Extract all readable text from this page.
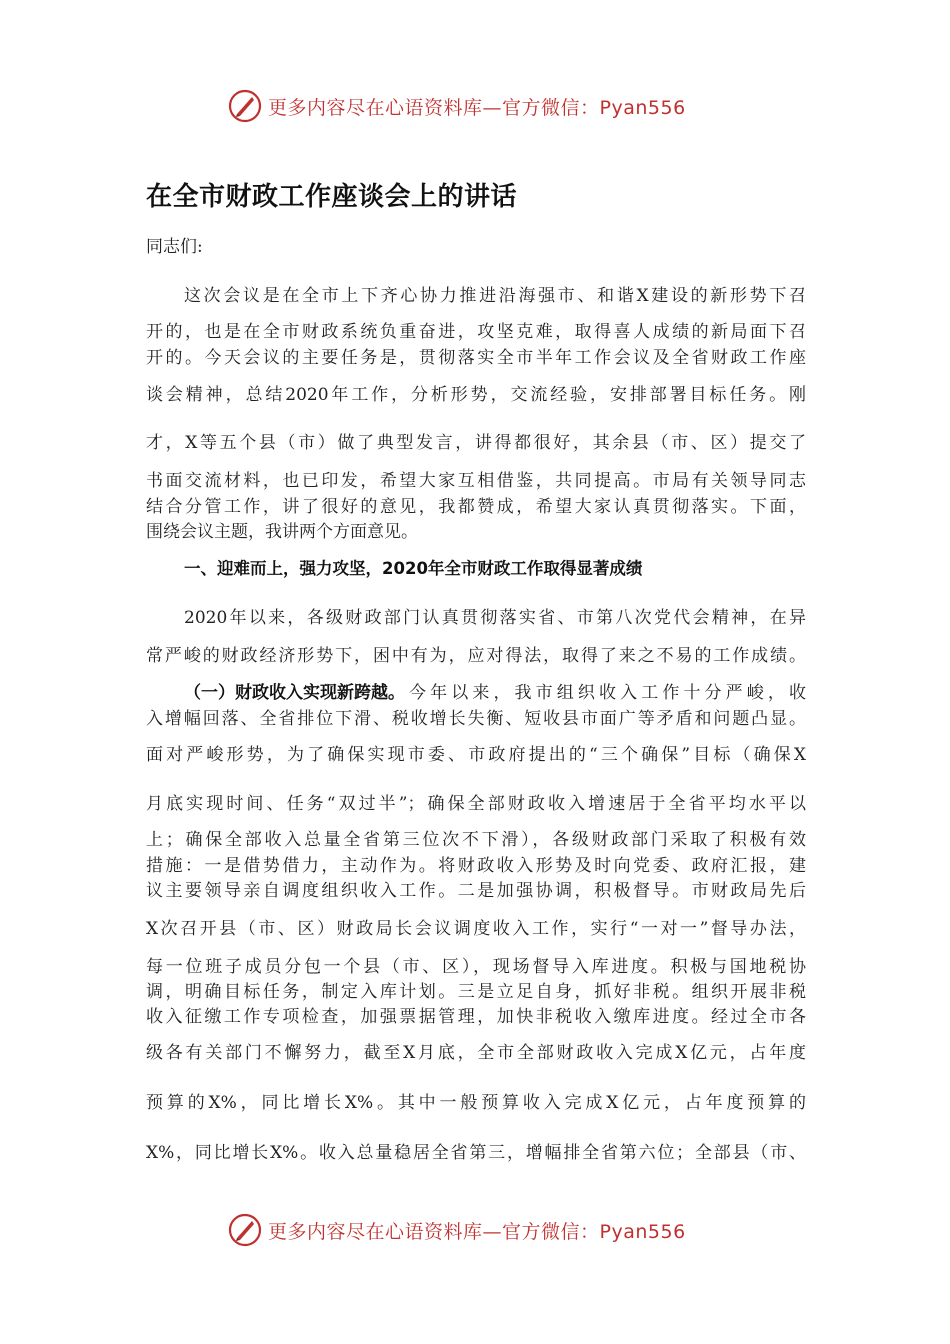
更多内容尽在心语资料库—官方微信：Pyan556
在全市财政工作座谈会上的讲话
同志们:
这次会议是在全市上下齐心协力推进沿海强市、和谐X建设的新形势下召
开的，也是在全市财政系统负重奋进，攻坚克难，取得喜人成绩的新局面下召
开的。今天会议的主要任务是，贯彻落实全市半年工作会议及全省财政工作座
谈会精神，总结2020年工作，分析形势，交流经验，安排部署目标任务。刚
才，X等五个县（市）做了典型发言，讲得都很好，其余县（市、区）提交了
书面交流材料，也已印发，希望大家互相借鉴，共同提高。市局有关领导同志
结合分管工作，讲了很好的意见，我都赞成，希望大家认真贯彻落实。下面，
围绕会议主题，我讲两个方面意见。
一、迎难而上，强力攻坚，2020年全市财政工作取得显著成绩
2020年以来，各级财政部门认真贯彻落实省、市第八次党代会精神，在异
常严峻的财政经济形势下，困中有为，应对得法，取得了来之不易的工作成绩。
（一）财政收入实现新跨越。 今年以来，我市组织收入工作十分严峻，收
入增幅回落、全省排位下滑、税收增长失衡、短收县市面广等矛盾和问题凸显。
面对严峻形势，为了确保实现市委、市政府提出的“三个确保”目标（确保X
月底实现时间、任务“双过半”；确保全部财政收入增速居于全省平均水平以
上；确保全部收入总量全省第三位次不下滑），各级财政部门采取了积极有效
措施：一是借势借力，主动作为。将财政收入形势及时向党委、政府汇报，建
议主要领导亲自调度组织收入工作。二是加强协调，积极督导。市财政局先后
X次召开县（市、区）财政局长会议调度收入工作，实行“一对一”督导办法，
每一位班子成员分包一个县（市、区），现场督导入库进度。积极与国地税协
调，明确目标任务，制定入库计划。三是立足自身，抓好非税。组织开展非税
收入征缴工作专项检查，加强票据管理，加快非税收入缴库进度。经过全市各
级各有关部门不懈努力，截至X月底，全市全部财政收入完成X亿元，占年度
预算的X%，同比增长X%。其中一般预算收入完成X亿元，占年度预算的
X%，同比增长X%。收入总量稳居全省第三，增幅排全省第六位；全部县（市、
更多内容尽在心语资料库—官方微信：Pyan556
